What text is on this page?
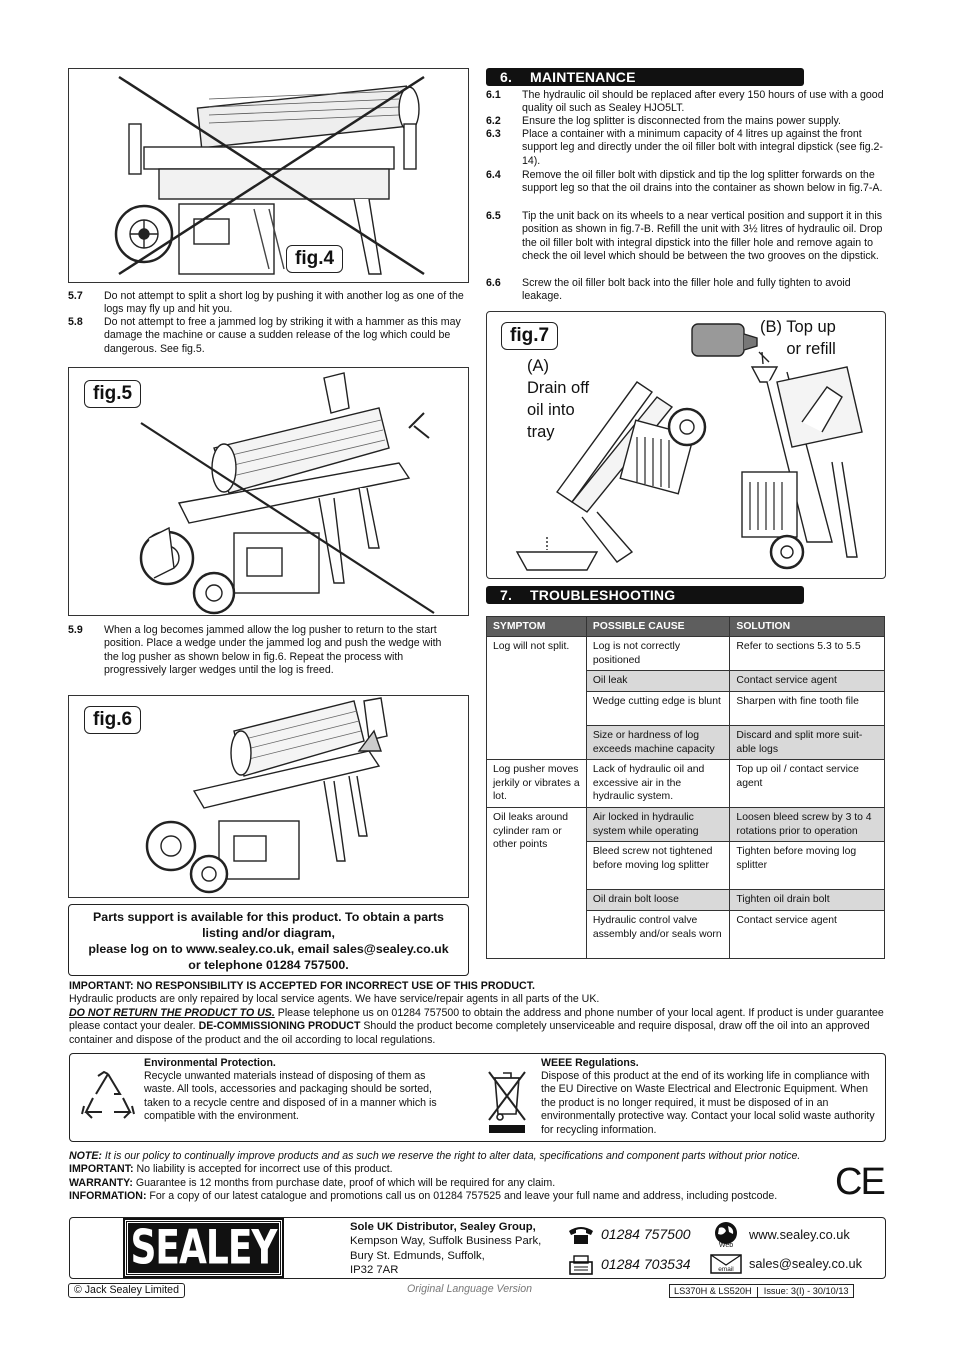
fig.4
5.7 Do not attempt to split a short log by pushing it with another log as one of the logs may fly up and hit you.
5.8 Do not attempt to free a jammed log by striking it with a hammer as this may damage the machine or cause a sudden release of the log which could be dangerous. See fig.5.
fig.5
5.9 When a log becomes jammed allow the log pusher to return to the start position. Place a wedge under the jammed log and push the wedge with the log pusher as shown below in fig.6. Repeat the process with progressively larger wedges until the log is freed.
fig.6
Parts support is available for this product. To obtain a parts listing and/or diagram,
please log on to www.sealey.co.uk, email sales@sealey.co.uk
or telephone 01284 757500.
6. MAINTENANCE
6.1 The hydraulic oil should be replaced after every 150 hours of use with a good quality oil such as Sealey HJO5LT.
6.2 Ensure the log splitter is disconnected from the mains power supply.
6.3 Place a container with a minimum capacity of 4 litres up against the front support leg and directly under the oil filler bolt with integral dipstick (see fig.2-14).
6.4 Remove the oil filler bolt with dipstick and tip the log splitter forwards on the support leg so that the oil drains into the container as shown below in fig.7-A.
6.5 Tip the unit back on its wheels to a near vertical position and support it in this position as shown in fig.7-B. Refill the unit with 3½ litres of hydraulic oil. Drop the oil filler bolt with integral dipstick into the filler hole and remove again to check the oil level which should be between the two grooves on the dipstick.
6.6 Screw the oil filler bolt back into the filler hole and fully tighten to avoid leakage.
fig.7	(B) Top up
or refill
(A)
Drain off
oil into
tray
7. TROUBLESHOOTING
SYMPTOM	POSSIBLE CAUSE	SOLUTION
Log will not split.	Log is not correctly positioned	Refer to sections 5.3 to 5.5
	Oil leak	Contact service agent
	Wedge cutting edge is blunt	Sharpen with fine tooth file
	Size or hardness of log exceeds machine capacity	Discard and split more suit-able logs
Log pusher moves jerkily or vibrates a lot.	Lack of hydraulic oil and excessive air in the hydraulic system.	Top up oil / contact service agent
Oil leaks around cylinder ram or other points	Air locked in hydraulic system while operating	Loosen bleed screw by 3 to 4 rotations prior to operation
	Bleed screw not tightened before moving log splitter	Tighten before moving log splitter
	Oil drain bolt loose	Tighten oil drain bolt
	Hydraulic control valve assembly and/or seals worn	Contact service agent
IMPORTANT: NO RESPONSIBILITY IS ACCEPTED FOR INCORRECT USE OF THIS PRODUCT.
Hydraulic products are only repaired by local service agents. We have service/repair agents in all parts of the UK.
DO NOT RETURN THE PRODUCT TO US. Please telephone us on 01284 757500 to obtain the address and phone number of your local agent. If product is under guarantee please contact your dealer. DE-COMMISSIONING PRODUCT Should the product become completely unserviceable and require disposal, draw off the oil into an approved container and dispose of the product and the oil according to local regulations.
Environmental Protection.
Recycle unwanted materials instead of disposing of them as waste. All tools, accessories and packaging should be sorted, taken to a recycle centre and disposed of in a manner which is compatible with the environment.
WEEE Regulations.
Dispose of this product at the end of its working life in compliance with the EU Directive on Waste Electrical and Electronic Equipment. When the product is no longer required, it must be disposed of in an environmentally protective way. Contact your local solid waste authority for recycling information.
NOTE: It is our policy to continually improve products and as such we reserve the right to alter data, specifications and component parts without prior notice.
IMPORTANT: No liability is accepted for incorrect use of this product.
WARRANTY: Guarantee is 12 months from purchase date, proof of which will be required for any claim.
INFORMATION: For a copy of our latest catalogue and promotions call us on 01284 757525 and leave your full name and address, including postcode.	CE
SEALEY	Sole UK Distributor, Sealey Group,
Kempson Way, Suffolk Business Park,
Bury St. Edmunds, Suffolk,
IP32 7AR
01284 757500
01284 703534
Web
www.sealey.co.uk
email sales@sealey.co.uk
© Jack Sealey Limited	Original Language Version	LS370H & LS520H Issue: 3(I) - 30/10/13
